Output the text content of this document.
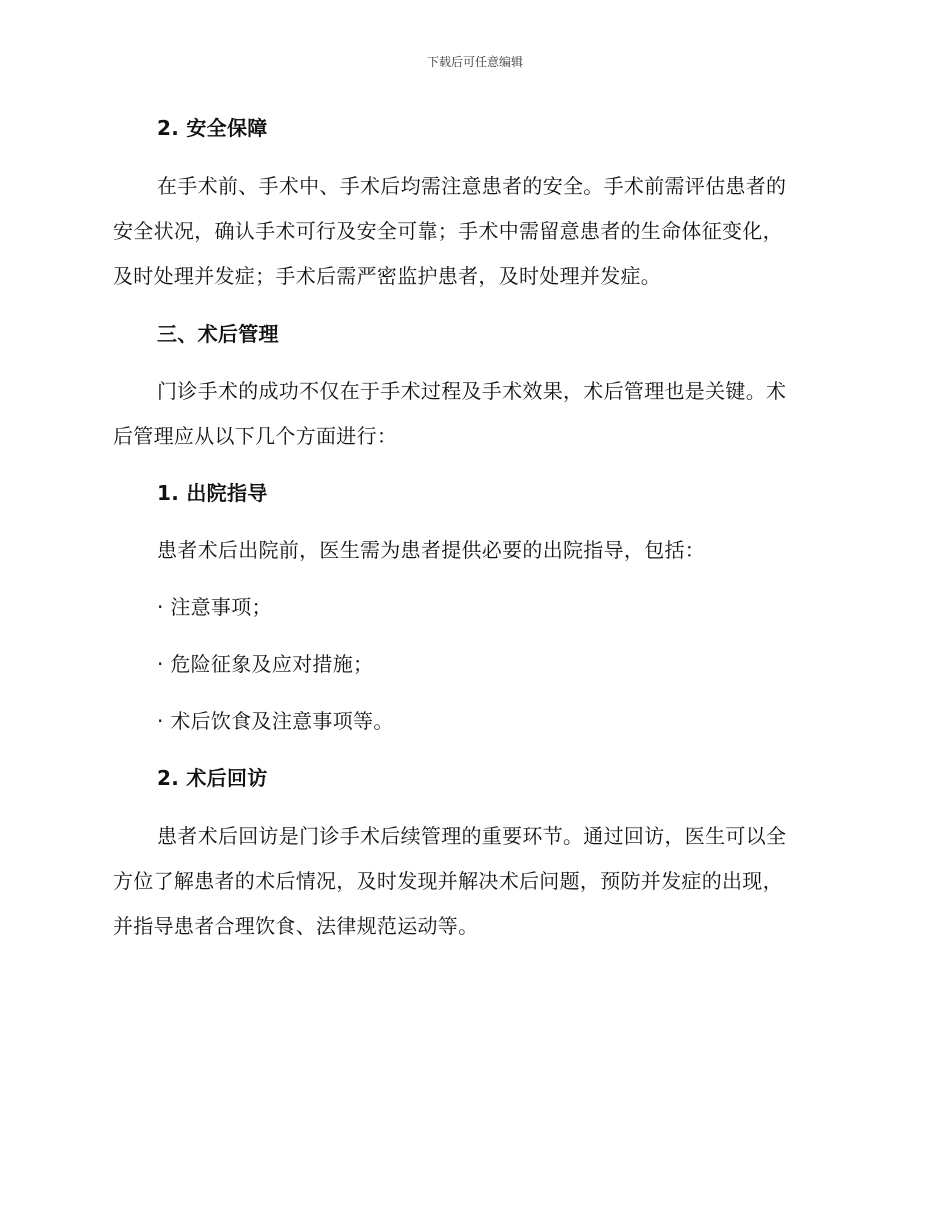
下载后可任意编辑

2. 安全保障

在手术前、手术中、手术后均需注意患者的安全。手术前需评估患者的
安全状况，确认手术可行及安全可靠；手术中需留意患者的生命体征变化，
及时处理并发症；手术后需严密监护患者，及时处理并发症。

三、术后管理

门诊手术的成功不仅在于手术过程及手术效果，术后管理也是关键。术
后管理应从以下几个方面进行：

1. 出院指导

患者术后出院前，医生需为患者提供必要的出院指导，包括：

· 注意事项；

· 危险征象及应对措施；

· 术后饮食及注意事项等。

2. 术后回访

患者术后回访是门诊手术后续管理的重要环节。通过回访，医生可以全
方位了解患者的术后情况，及时发现并解决术后问题，预防并发症的出现，
并指导患者合理饮食、法律规范运动等。
